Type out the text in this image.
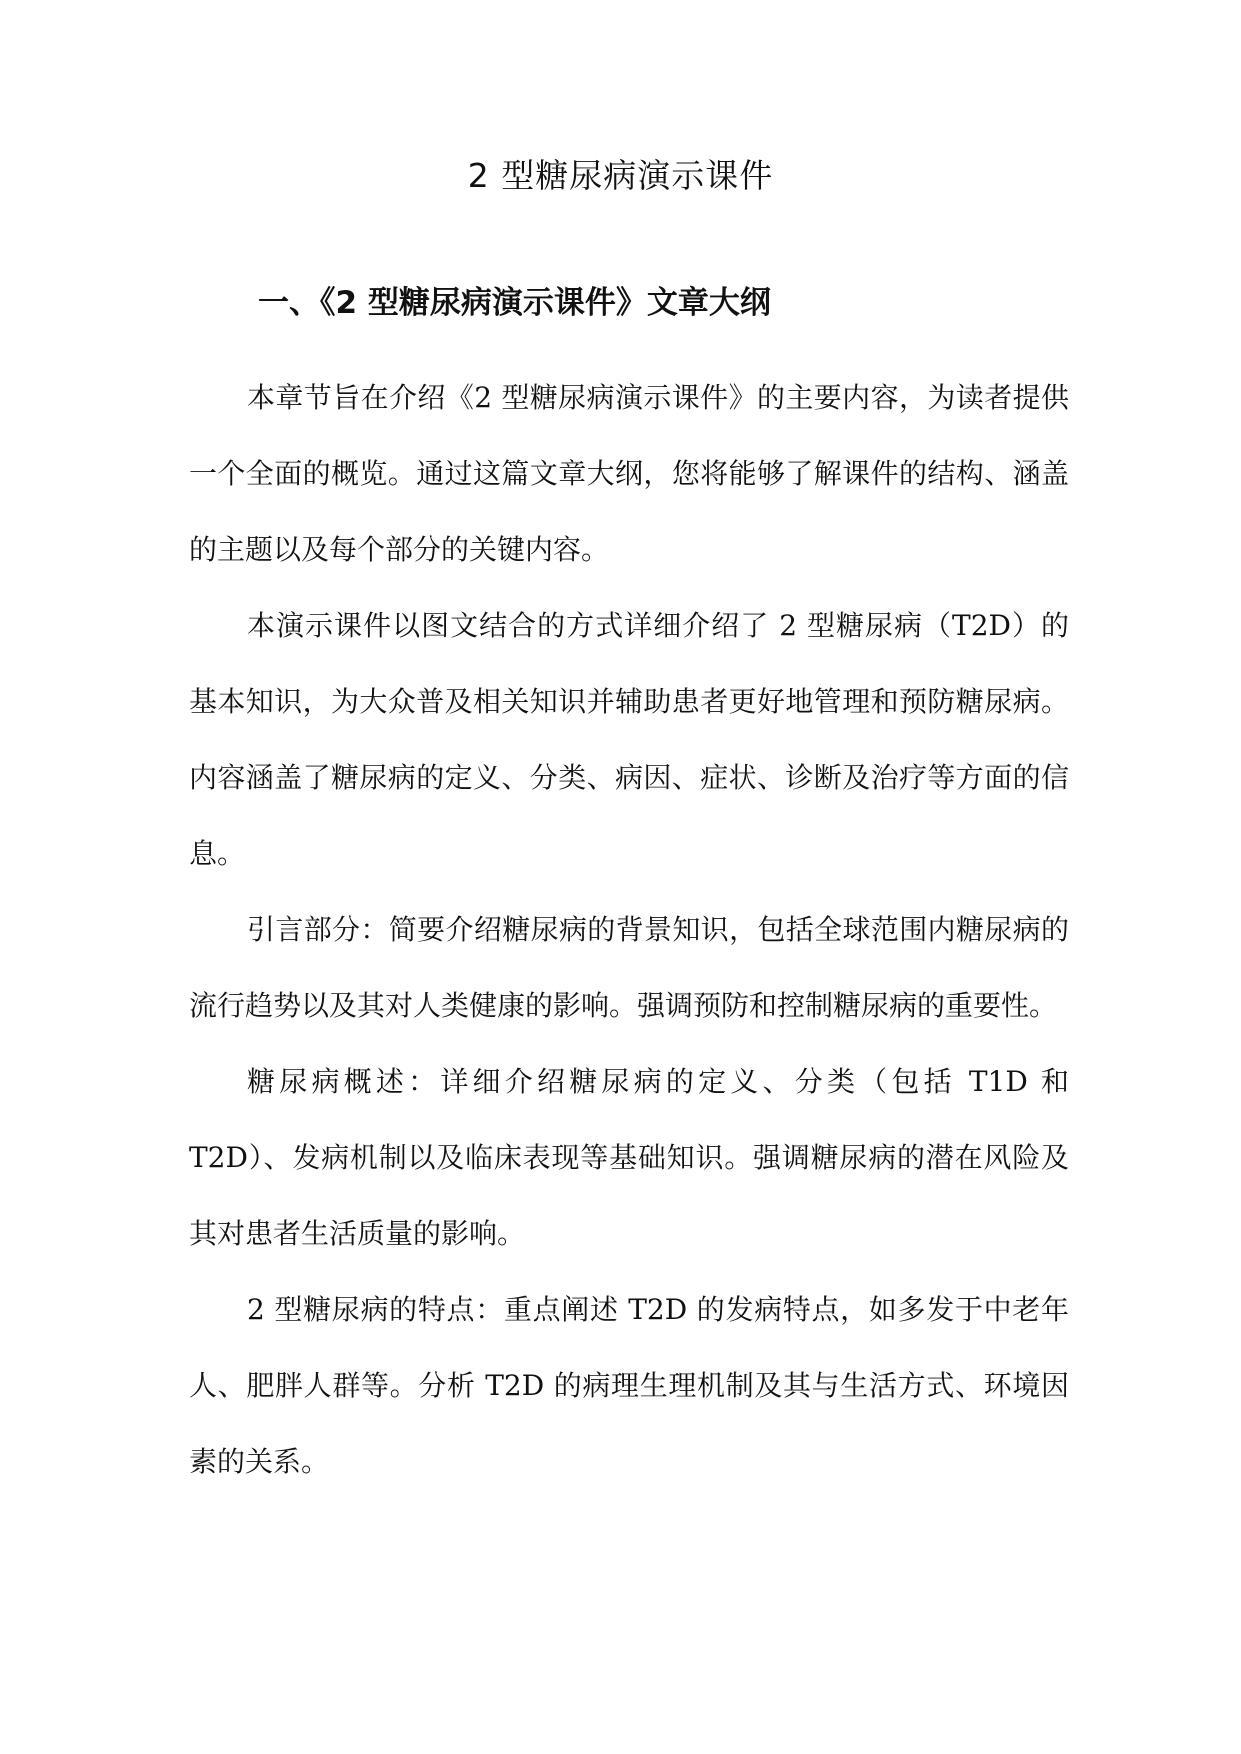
2 型糖尿病演示课件
一、《2 型糖尿病演示课件》文章大纲

本章节旨在介绍《2 型糖尿病演示课件》的主要内容，为读者提供一个全面的概览。通过这篇文章大纲，您将能够了解课件的结构、涵盖的主题以及每个部分的关键内容。

本演示课件以图文结合的方式详细介绍了 2 型糖尿病（T2D）的基本知识，为大众普及相关知识并辅助患者更好地管理和预防糖尿病。内容涵盖了糖尿病的定义、分类、病因、症状、诊断及治疗等方面的信息。

引言部分：简要介绍糖尿病的背景知识，包括全球范围内糖尿病的流行趋势以及其对人类健康的影响。强调预防和控制糖尿病的重要性。

糖尿病概述：详细介绍糖尿病的定义、分类（包括 T1D 和 T2D）、发病机制以及临床表现等基础知识。强调糖尿病的潜在风险及其对患者生活质量的影响。

2 型糖尿病的特点：重点阐述 T2D 的发病特点，如多发于中老年人、肥胖人群等。分析 T2D 的病理生理机制及其与生活方式、环境因素的关系。
